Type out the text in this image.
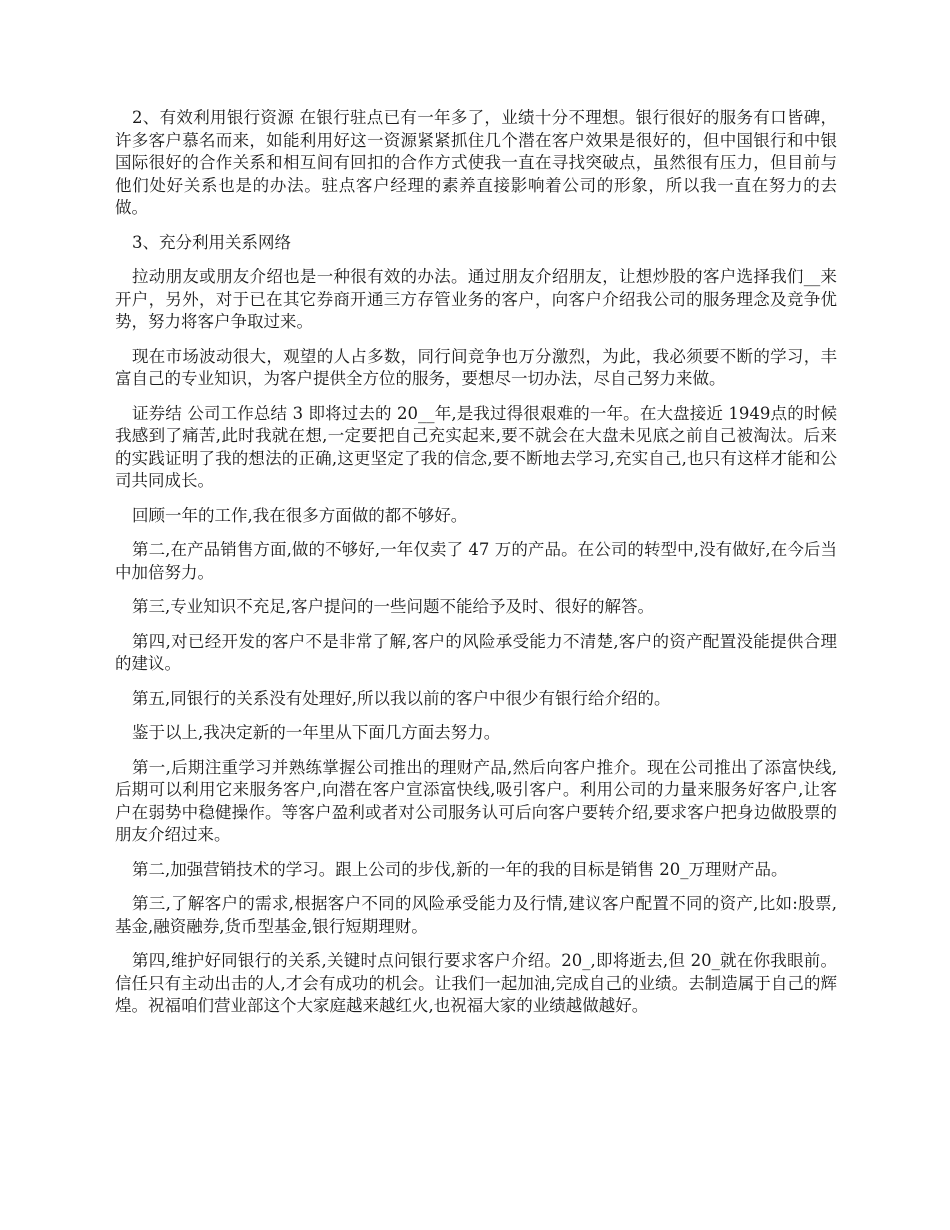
2、有效利用银行资源 在银行驻点已有一年多了，业绩十分不理想。银行很好的服务有口皆碑，许多客户慕名而来，如能利用好这一资源紧紧抓住几个潜在客户效果是很好的，但中国银行和中银国际很好的合作关系和相互间有回扣的合作方式使我一直在寻找突破点，虽然很有压力，但目前与他们处好关系也是的办法。驻点客户经理的素养直接影响着公司的形象，所以我一直在努力的去做。

3、充分利用关系网络

拉动朋友或朋友介绍也是一种很有效的办法。通过朋友介绍朋友，让想炒股的客户选择我们__来开户，另外，对于已在其它券商开通三方存管业务的客户，向客户介绍我公司的服务理念及竞争优势，努力将客户争取过来。

现在市场波动很大，观望的人占多数，同行间竞争也万分激烈，为此，我必须要不断的学习，丰富自己的专业知识，为客户提供全方位的服务，要想尽一切办法，尽自己努力来做。

证券结 公司工作总结 3 即将过去的 20__年,是我过得很艰难的一年。在大盘接近 1949点的时候我感到了痛苦,此时我就在想,一定要把自己充实起来,要不就会在大盘未见底之前自己被淘汰。后来的实践证明了我的想法的正确,这更坚定了我的信念,要不断地去学习,充实自己,也只有这样才能和公司共同成长。

回顾一年的工作,我在很多方面做的都不够好。

第二,在产品销售方面,做的不够好,一年仅卖了 47 万的产品。在公司的转型中,没有做好,在今后当中加倍努力。

第三,专业知识不充足,客户提问的一些问题不能给予及时、很好的解答。

第四,对已经开发的客户不是非常了解,客户的风险承受能力不清楚,客户的资产配置没能提供合理的建议。

第五,同银行的关系没有处理好,所以我以前的客户中很少有银行给介绍的。

鉴于以上,我决定新的一年里从下面几方面去努力。

第一,后期注重学习并熟练掌握公司推出的理财产品,然后向客户推介。现在公司推出了添富快线,后期可以利用它来服务客户,向潜在客户宣添富快线,吸引客户。利用公司的力量来服务好客户,让客户在弱势中稳健操作。等客户盈利或者对公司服务认可后向客户要转介绍,要求客户把身边做股票的朋友介绍过来。

第二,加强营销技术的学习。跟上公司的步伐,新的一年的我的目标是销售 20_万理财产品。

第三,了解客户的需求,根据客户不同的风险承受能力及行情,建议客户配置不同的资产,比如:股票,基金,融资融券,货币型基金,银行短期理财。

第四,维护好同银行的关系,关键时点问银行要求客户介绍。20_,即将逝去,但 20_就在你我眼前。信任只有主动出击的人,才会有成功的机会。让我们一起加油,完成自己的业绩。去制造属于自己的辉煌。祝福咱们营业部这个大家庭越来越红火,也祝福大家的业绩越做越好。
